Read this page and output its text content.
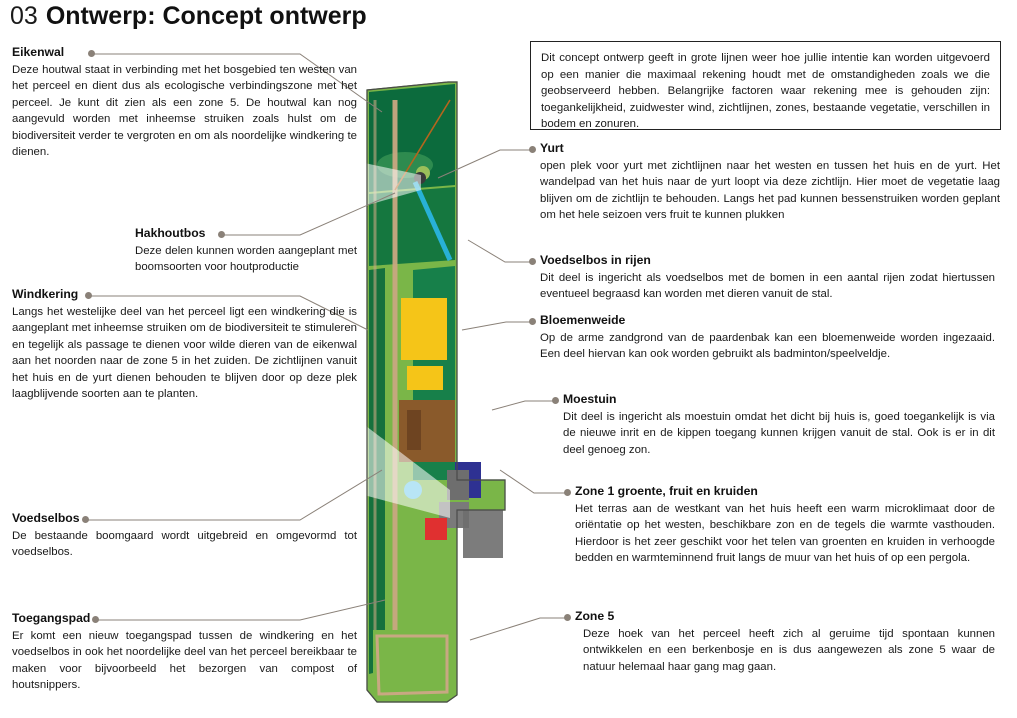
03 Ontwerp: Concept ontwerp

Eikenwal

Deze houtwal staat in verbinding met het bosgebied ten westen van het perceel en dient dus als ecologische verbindingszone met het perceel. Je kunt dit zien als een zone 5. De houtwal kan nog aangevuld worden met inheemse struiken zoals hulst om de biodiversiteit verder te vergroten en om als noordelijke windkering te dienen.

Hakhoutbos

Deze delen kunnen worden aangeplant met boomsoorten voor houtproductie

Windkering

Langs het westelijke deel van het perceel ligt een windkering die is aangeplant met inheemse struiken om de biodiversiteit te stimuleren en tegelijk als passage te dienen voor wilde dieren van de eikenwal aan het noorden naar de zone 5 in het zuiden. De zichtlijnen vanuit het huis en de yurt dienen behouden te blijven door op deze plek laagblijvende soorten aan te planten.

Voedselbos

De bestaande boomgaard wordt uitgebreid en omgevormd tot voedselbos.

Toegangspad

Er komt een nieuw toegangspad tussen de windkering en het voedselbos in ook het noordelijke deel van het perceel bereikbaar te maken voor bijvoorbeeld het bezorgen van compost of houtsnippers.

Dit concept ontwerp geeft in grote lijnen weer hoe jullie intentie kan worden uitgevoerd op een manier die maximaal rekening houdt met de omstandigheden zoals we die geobserveerd hebben. Belangrijke factoren waar rekening mee is gehouden zijn: toegankelijkheid, zuidwester wind, zichtlijnen, zones, bestaande vegetatie, verschillen in bodem en zonuren.

Yurt

open plek voor yurt met zichtlijnen naar het westen en tussen het huis en de yurt. Het wandelpad van het huis naar de yurt loopt via deze zichtlijn. Hier moet de vegetatie laag blijven om de zichtlijn te behouden. Langs het pad kunnen bessenstruiken worden geplant om het hele seizoen vers fruit te kunnen plukken

Voedselbos in rijen

Dit deel is ingericht als voedselbos met de bomen in een aantal rijen zodat hiertussen eventueel begraasd kan worden met dieren vanuit de stal.

Bloemenweide

Op de arme zandgrond van de paardenbak kan een bloemenweide worden ingezaaid. Een deel hiervan kan ook worden gebruikt als badminton/speelveldje.

Moestuin

Dit deel is ingericht als moestuin omdat het dicht bij huis is, goed toegankelijk is via de nieuwe inrit en de kippen toegang kunnen krijgen vanuit de stal. Ook is er in dit deel genoeg zon.

Zone 1 groente, fruit en kruiden

Het terras aan de westkant van het huis heeft een warm microklimaat door de oriëntatie op het westen, beschikbare zon en de tegels die warmte vasthouden. Hierdoor is het zeer geschikt voor het telen van groenten en kruiden in verhoogde bedden en warmteminnend fruit langs de muur van het huis of op een pergola.

Zone 5

Deze hoek van het perceel heeft zich al geruime tijd spontaan kunnen ontwikkelen en een berkenbosje en is dus aangewezen als zone 5 waar de natuur helemaal haar gang mag gaan.
